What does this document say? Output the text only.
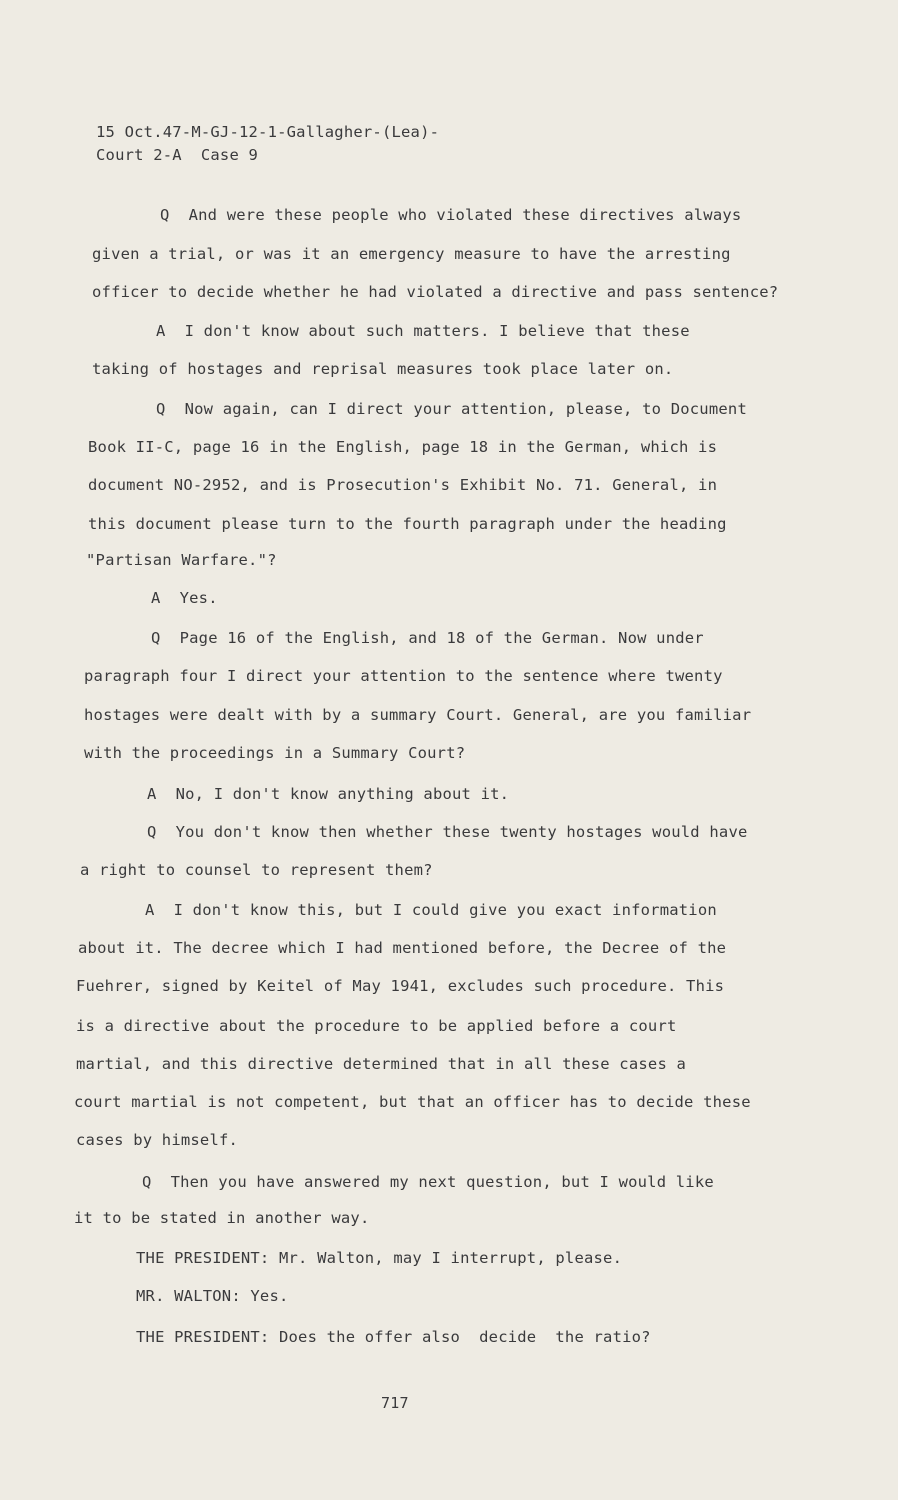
15 Oct.47-M-GJ-12-1-Gallagher-(Lea)-
Court 2-A  Case 9
Q  And were these people who violated these directives always
given a trial, or was it an emergency measure to have the arresting
officer to decide whether he had violated a directive and pass sentence?
A  I don't know about such matters. I believe that these
taking of hostages and reprisal measures took place later on.
Q  Now again, can I direct your attention, please, to Document
Book II-C, page 16 in the English, page 18 in the German, which is
document NO-2952, and is Prosecution's Exhibit No. 71. General, in
this document please turn to the fourth paragraph under the heading
"Partisan Warfare."?
A  Yes.
Q  Page 16 of the English, and 18 of the German. Now under
paragraph four I direct your attention to the sentence where twenty
hostages were dealt with by a summary Court. General, are you familiar
with the proceedings in a Summary Court?
A  No, I don't know anything about it.
Q  You don't know then whether these twenty hostages would have
a right to counsel to represent them?
A  I don't know this, but I could give you exact information
about it. The decree which I had mentioned before, the Decree of the
Fuehrer, signed by Keitel of May 1941, excludes such procedure. This
is a directive about the procedure to be applied before a court
martial, and this directive determined that in all these cases a
court martial is not competent, but that an officer has to decide these
cases by himself.
Q  Then you have answered my next question, but I would like
it to be stated in another way.
THE PRESIDENT: Mr. Walton, may I interrupt, please.
MR. WALTON: Yes.
THE PRESIDENT: Does the offer also  decide  the ratio?
717
